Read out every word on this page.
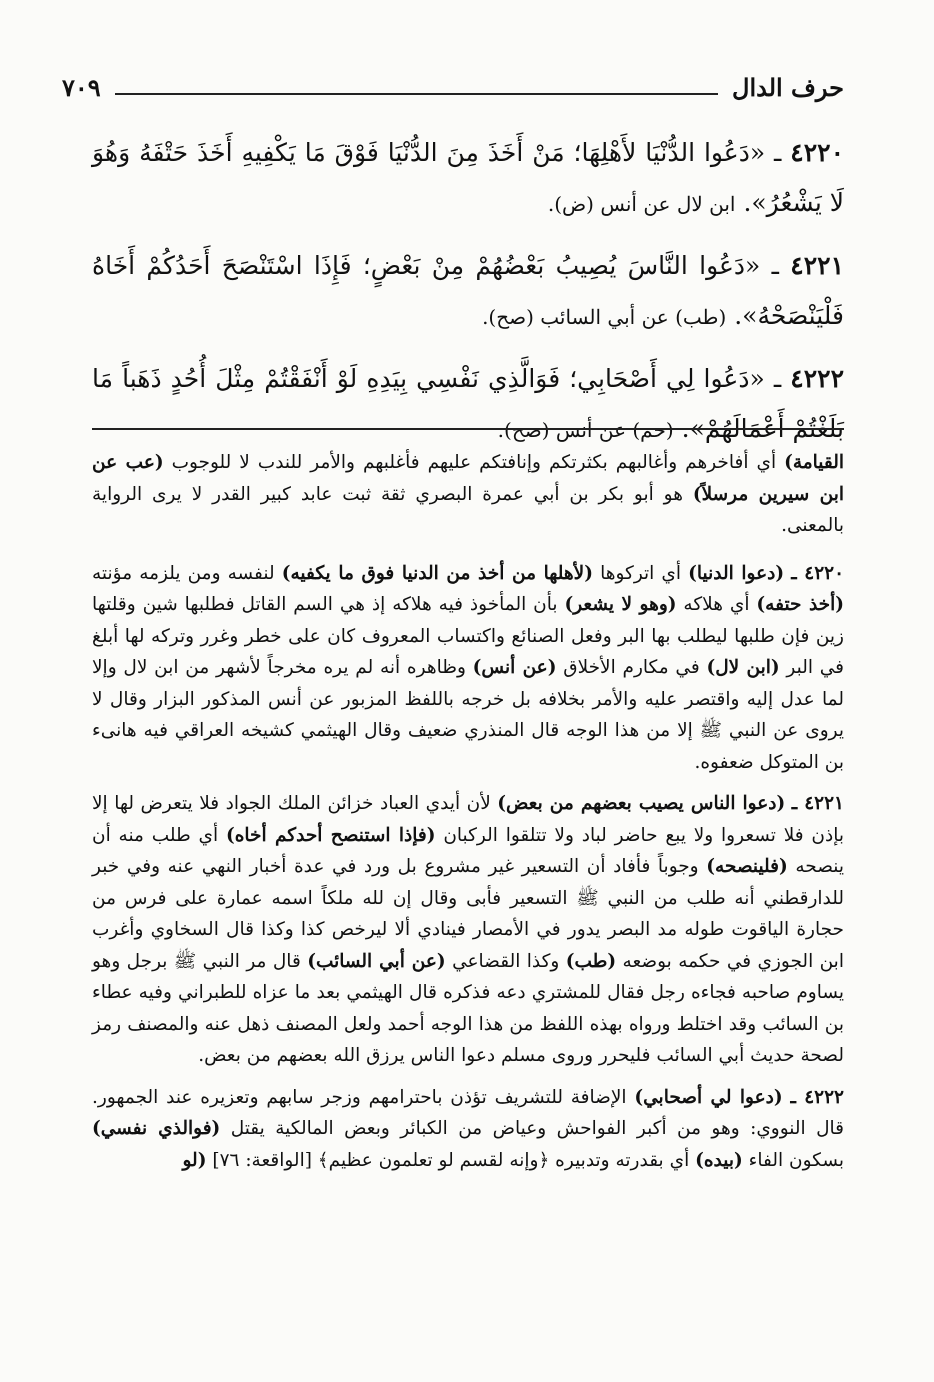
حرف الدال
٧٠٩

٤٢٢٠ ـ «دَعُوا الدُّنْيَا لأَهْلِهَا؛ مَنْ أَخَذَ مِنَ الدُّنْيَا فَوْقَ مَا يَكْفِيهِ أَخَذَ حَتْفَهُ وَهُوَ لَا يَشْعُرُ». ابن لال عن أنس (ض).

٤٢٢١ ـ «دَعُوا النَّاسَ يُصِيبُ بَعْضُهُمْ مِنْ بَعْضٍ؛ فَإِذَا اسْتَنْصَحَ أَحَدُكُمْ أَخَاهُ فَلْيَنْصَحْهُ». (طب) عن أبي السائب (صح).

٤٢٢٢ ـ «دَعُوا لِي أَصْحَابِي؛ فَوَالَّذِي نَفْسِي بِيَدِهِ لَوْ أَنْفَقْتُمْ مِثْلَ أُحُدٍ ذَهَباً مَا بَلَغْتُمْ أَعْمَالَهُمْ». (حم) عن أنس (صح).

القيامة) أي أفاخرهم وأغالبهم بكثرتكم وإنافتكم عليهم فأغلبهم والأمر للندب لا للوجوب (عب عن ابن سيرين مرسلاً) هو أبو بكر بن أبي عمرة البصري ثقة ثبت عابد كبير القدر لا يرى الرواية بالمعنى.

٤٢٢٠ ـ (دعوا الدنيا) أي اتركوها (لأهلها من أخذ من الدنيا فوق ما يكفيه) لنفسه ومن يلزمه مؤنته (أخذ حتفه) أي هلاكه (وهو لا يشعر) بأن المأخوذ فيه هلاكه إذ هي السم القاتل فطلبها شين وقلتها زين فإن طلبها ليطلب بها البر وفعل الصنائع واكتساب المعروف كان على خطر وغرر وتركه لها أبلغ في البر (ابن لال) في مكارم الأخلاق (عن أنس) وظاهره أنه لم يره مخرجاً لأشهر من ابن لال وإلا لما عدل إليه واقتصر عليه والأمر بخلافه بل خرجه باللفظ المزبور عن أنس المذكور البزار وقال لا يروى عن النبي ﷺ إلا من هذا الوجه قال المنذري ضعيف وقال الهيثمي كشيخه العراقي فيه هانىء بن المتوكل ضعفوه.

٤٢٢١ ـ (دعوا الناس يصيب بعضهم من بعض) لأن أيدي العباد خزائن الملك الجواد فلا يتعرض لها إلا بإذن فلا تسعروا ولا يبع حاضر لباد ولا تتلقوا الركبان (فإذا استنصح أحدكم أخاه) أي طلب منه أن ينصحه (فلينصحه) وجوباً فأفاد أن التسعير غير مشروع بل ورد في عدة أخبار النهي عنه وفي خبر للدارقطني أنه طلب من النبي ﷺ التسعير فأبى وقال إن لله ملكاً اسمه عمارة على فرس من حجارة الياقوت طوله مد البصر يدور في الأمصار فينادي ألا ليرخص كذا وكذا قال السخاوي وأغرب ابن الجوزي في حكمه بوضعه (طب) وكذا القضاعي (عن أبي السائب) قال مر النبي ﷺ برجل وهو يساوم صاحبه فجاءه رجل فقال للمشتري دعه فذكره قال الهيثمي بعد ما عزاه للطبراني وفيه عطاء بن السائب وقد اختلط ورواه بهذه اللفظ من هذا الوجه أحمد ولعل المصنف ذهل عنه والمصنف رمز لصحة حديث أبي السائب فليحرر وروى مسلم دعوا الناس يرزق الله بعضهم من بعض.

٤٢٢٢ ـ (دعوا لي أصحابي) الإضافة للتشريف تؤذن باحترامهم وزجر سابهم وتعزيره عند الجمهور. قال النووي: وهو من أكبر الفواحش وعياض من الكبائر وبعض المالكية يقتل (فوالذي نفسي) بسكون الفاء (بيده) أي بقدرته وتدبيره ﴿وإنه لقسم لو تعلمون عظيم﴾ [الواقعة: ٧٦] (لو
